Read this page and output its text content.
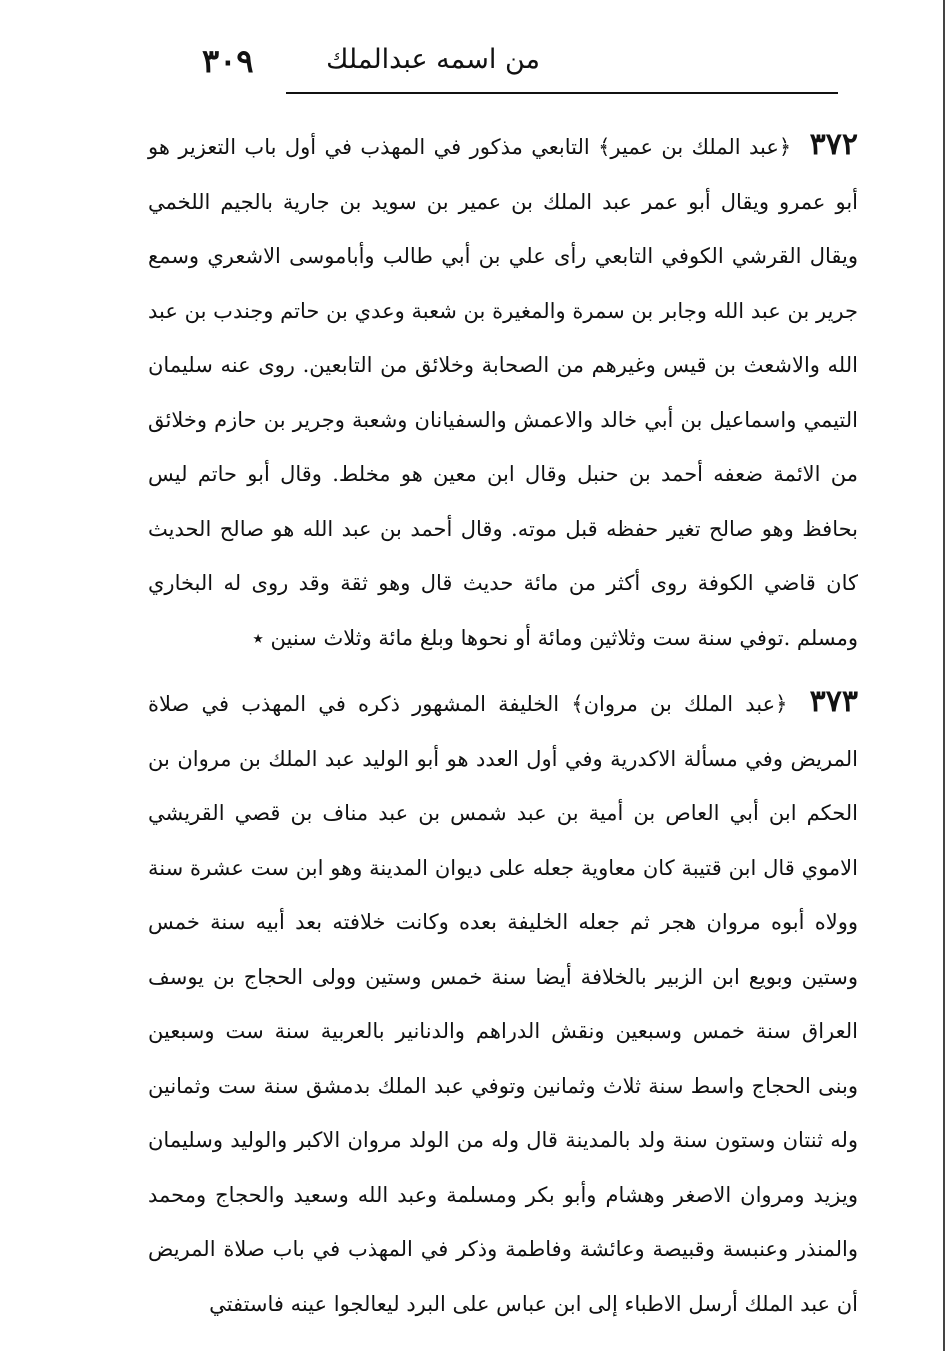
من اسمه عبدالملك
٣٠٩

٣٧٢ ﴿عبد الملك بن عمير﴾ التابعي مذكور في المهذب في أول باب التعزير هو أبو عمرو ويقال أبو عمر عبد الملك بن عمير بن سويد بن جارية بالجيم اللخمي ويقال القرشي الكوفي التابعي رأى علي بن أبي طالب وأباموسى الاشعري وسمع جرير بن عبد الله وجابر بن سمرة والمغيرة بن شعبة وعدي بن حاتم وجندب بن عبد الله والاشعث بن قيس وغيرهم من الصحابة وخلائق من التابعين. روى عنه سليمان التيمي واسماعيل بن أبي خالد والاعمش والسفيانان وشعبة وجرير بن حازم وخلائق من الائمة ضعفه أحمد بن حنبل وقال ابن معين هو مخلط. وقال أبو حاتم ليس بحافظ وهو صالح تغير حفظه قبل موته. وقال أحمد بن عبد الله هو صالح الحديث كان قاضي الكوفة روى أكثر من مائة حديث قال وهو ثقة وقد روى له البخاري ومسلم .توفي سنة ست وثلاثين ومائة أو نحوها وبلغ مائة وثلاث سنين ٭

٣٧٣ ﴿عبد الملك بن مروان﴾ الخليفة المشهور ذكره في المهذب في صلاة المريض وفي مسألة الاكدرية وفي أول العدد هو أبو الوليد عبد الملك بن مروان بن الحكم ابن أبي العاص بن أمية بن عبد شمس بن عبد مناف بن قصي القريشي الاموي قال ابن قتيبة كان معاوية جعله على ديوان المدينة وهو ابن ست عشرة سنة وولاه أبوه مروان هجر ثم جعله الخليفة بعده وكانت خلافته بعد أبيه سنة خمس وستين وبويع ابن الزبير بالخلافة أيضا سنة خمس وستين وولى الحجاج بن يوسف العراق سنة خمس وسبعين ونقش الدراهم والدنانير بالعربية سنة ست وسبعين وبنى الحجاج واسط سنة ثلاث وثمانين وتوفي عبد الملك بدمشق سنة ست وثمانين وله ثنتان وستون سنة ولد بالمدينة قال وله من الولد مروان الاكبر والوليد وسليمان ويزيد ومروان الاصغر وهشام وأبو بكر ومسلمة وعبد الله وسعيد والحجاج ومحمد والمنذر وعنبسة وقبيصة وعائشة وفاطمة وذكر في المهذب في باب صلاة المريض أن عبد الملك أرسل الاطباء إلى ابن عباس على البرد ليعالجوا عينه فاستفتي
